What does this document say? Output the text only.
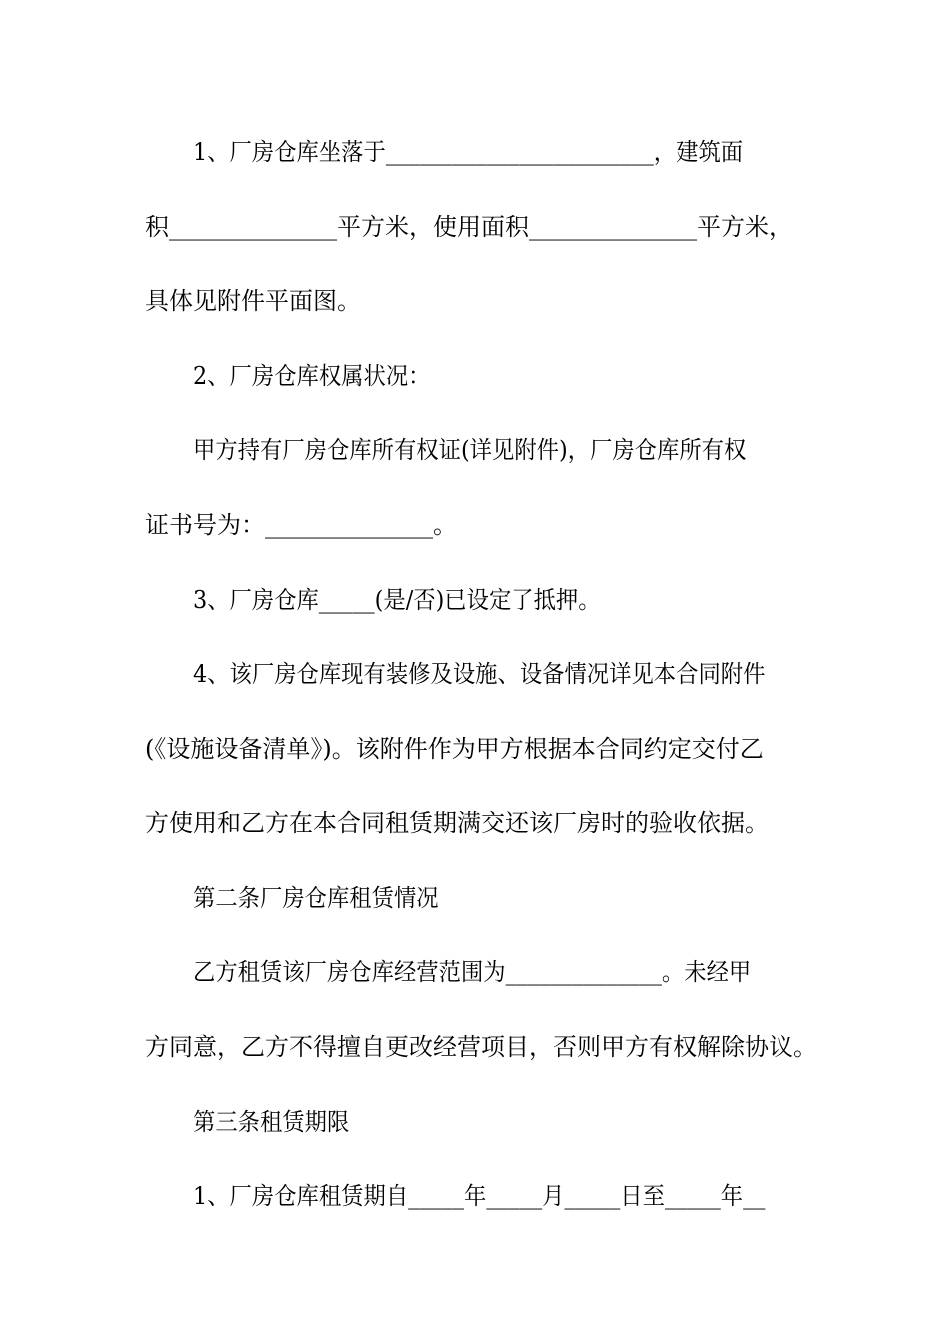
1、厂房仓库坐落于________________________，建筑面
积______________平方米，使用面积______________平方米，
具体见附件平面图。
2、厂房仓库权属状况：
甲方持有厂房仓库所有权证(详见附件)，厂房仓库所有权
证书号为：______________。
3、厂房仓库_____(是/否)已设定了抵押。
4、该厂房仓库现有装修及设施、设备情况详见本合同附件
(《设施设备清单》)。该附件作为甲方根据本合同约定交付乙
方使用和乙方在本合同租赁期满交还该厂房时的验收依据。
第二条厂房仓库租赁情况
乙方租赁该厂房仓库经营范围为______________。未经甲
方同意，乙方不得擅自更改经营项目，否则甲方有权解除协议。
第三条租赁期限
1、厂房仓库租赁期自_____年_____月_____日至_____年__
